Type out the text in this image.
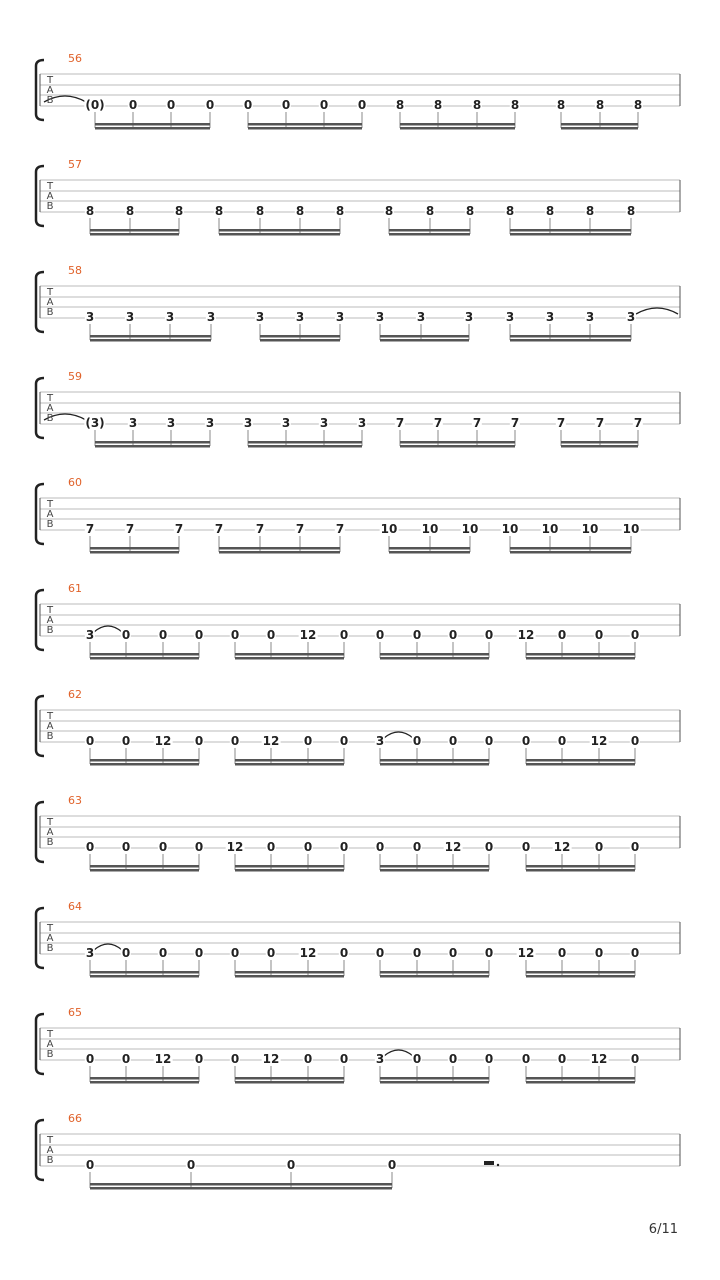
56
T
A
B	(0) 0 0	0 0 0 0 0 8 8	8 8	8	8 8
57
T
A
B	8	8	8	8	8	8	8	8	8	8	8	8	8	8
58
T
A
B	3	3	3	3	3	3	3	3	3	3	3	3	3	3
59
T
A
B	(3) 3 3	3 3 3 3 3 7 7	7 7	7	7 7
60
T
A
B	7	7	7	7	7	7	7	10 10 10 10 10 10 10
61
T
A
B	3 0 0 0 0 0 12 0 0 0 0 0 12 0 0 0
62
T
A
B	0 0 12 0 0 12 0 0 3 0 0 0 0 0 12 0
63
T
A
B	0 0 0 0 12 0 0 0 0 0 12 0 0 12 0 0
64
T
A
B	3 0 0 0 0 0 12 0 0 0 0 0 12 0 0 0
65
T
A
B	0 0 12 0 0 12 0 0 3 0 0 0 0 0 12 0
66
T
A
B	0	0	0	0
6/11
